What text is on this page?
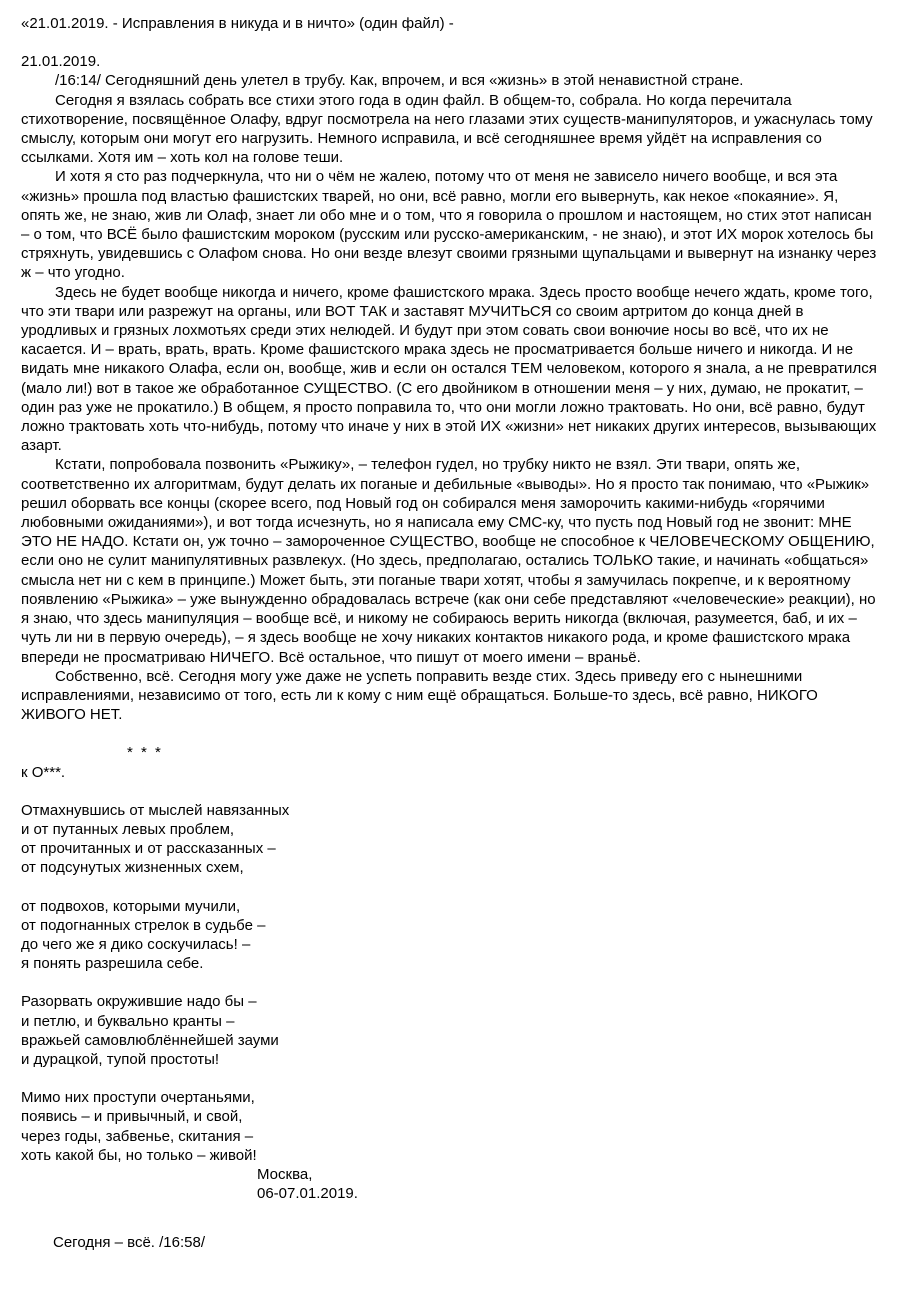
«21.01.2019. - Исправления в никуда и в ничто» (один файл) -

21.01.2019.

/16:14/ Сегодняшний день улетел в трубу. Как, впрочем, и вся «жизнь» в этой ненавистной стране.

Сегодня я взялась собрать все стихи этого года в один файл. В общем-то, собрала. Но когда перечитала стихотворение, посвящённое Олафу, вдруг посмотрела на него глазами этих существ-манипуляторов, и ужаснулась тому смыслу, которым они могут его нагрузить. Немного исправила, и всё сегодняшнее время уйдёт на исправления со ссылками. Хотя им – хоть кол на голове теши.

И хотя я сто раз подчеркнула, что ни о чём не жалею, потому что от меня не зависело ничего вообще, и вся эта «жизнь» прошла под властью фашистских тварей, но они, всё равно, могли его вывернуть, как некое «покаяние». Я, опять же, не знаю, жив ли Олаф, знает ли обо мне и о том, что я говорила о прошлом и настоящем, но стих этот написан – о том, что ВСЁ было фашистским мороком (русским или русско-американским, - не знаю), и этот ИХ морок хотелось бы стряхнуть, увидевшись с Олафом снова. Но они везде влезут своими грязными щупальцами и вывернут на изнанку через ж – что угодно.

Здесь не будет вообще никогда и ничего, кроме фашистского мрака. Здесь просто вообще нечего ждать, кроме того, что эти твари или разрежут на органы, или ВОТ ТАК и заставят МУЧИТЬСЯ со своим артритом до конца дней в уродливых и грязных лохмотьях среди этих нелюдей. И будут при этом совать свои вонючие носы во всё, что их не касается. И – врать, врать, врать. Кроме фашистского мрака здесь не просматривается больше ничего и никогда. И не видать мне никакого Олафа, если он, вообще, жив и если он остался ТЕМ человеком, которого я знала, а не превратился (мало ли!) вот в такое же обработанное СУЩЕСТВО. (С его двойником в отношении меня – у них, думаю, не прокатит, – один раз уже не прокатило.) В общем, я просто поправила то, что они могли ложно трактовать. Но они, всё равно, будут ложно трактовать хоть что-нибудь, потому что иначе у них в этой ИХ «жизни» нет никаких других интересов, вызывающих азарт.

Кстати, попробовала позвонить «Рыжику», – телефон гудел, но трубку никто не взял. Эти твари, опять же, соответственно их алгоритмам, будут делать их поганые и дебильные «выводы». Но я просто так понимаю, что «Рыжик» решил оборвать все концы (скорее всего, под Новый год он собирался меня заморочить какими-нибудь «горячими любовными ожиданиями»), и вот тогда исчезнуть, но я написала ему СМС-ку, что пусть под Новый год не звонит: МНЕ ЭТО НЕ НАДО. Кстати он, уж точно – замороченное СУЩЕСТВО, вообще не способное к ЧЕЛОВЕЧЕСКОМУ ОБЩЕНИЮ, если оно не сулит манипулятивных развлекух. (Но здесь, предполагаю, остались ТОЛЬКО такие, и начинать «общаться» смысла нет ни с кем в принципе.) Может быть, эти поганые твари хотят, чтобы я замучилась покрепче, и к вероятному появлению «Рыжика» – уже вынужденно обрадовалась встрече (как они себе представляют «человеческие» реакции), но я знаю, что здесь манипуляция – вообще всё, и никому не собираюсь верить никогда (включая, разумеется, баб, и их – чуть ли ни в первую очередь), – я здесь вообще не хочу никаких контактов никакого рода, и кроме фашистского мрака впереди не просматриваю НИЧЕГО. Всё остальное, что пишут от моего имени – враньё.

Собственно, всё. Сегодня могу уже даже не успеть поправить везде стих. Здесь приведу его с нынешними исправлениями, независимо от того, есть ли к кому с ним ещё обращаться. Больше-то здесь, всё равно, НИКОГО ЖИВОГО НЕТ.

* * *

к О***.

Отмахнувшись от мыслей навязанных
и от путанных левых проблем,
от прочитанных и от рассказанных –
от подсунутых жизненных схем,
от подвохов, которыми мучили,
от подогнанных стрелок в судьбе –
до чего же я дико соскучилась! –
я понять разрешила себе.
Разорвать окружившие надо бы –
и петлю, и буквально кранты –
вражьей самовлюблённейшей зауми
и дурацкой, тупой простоты!
Мимо них проступи очертаньями,
появись – и привычный, и свой,
через годы, забвенье, скитания –
хоть какой бы, но только – живой!

Москва,

06-07.01.2019.

Сегодня – всё. /16:58/
